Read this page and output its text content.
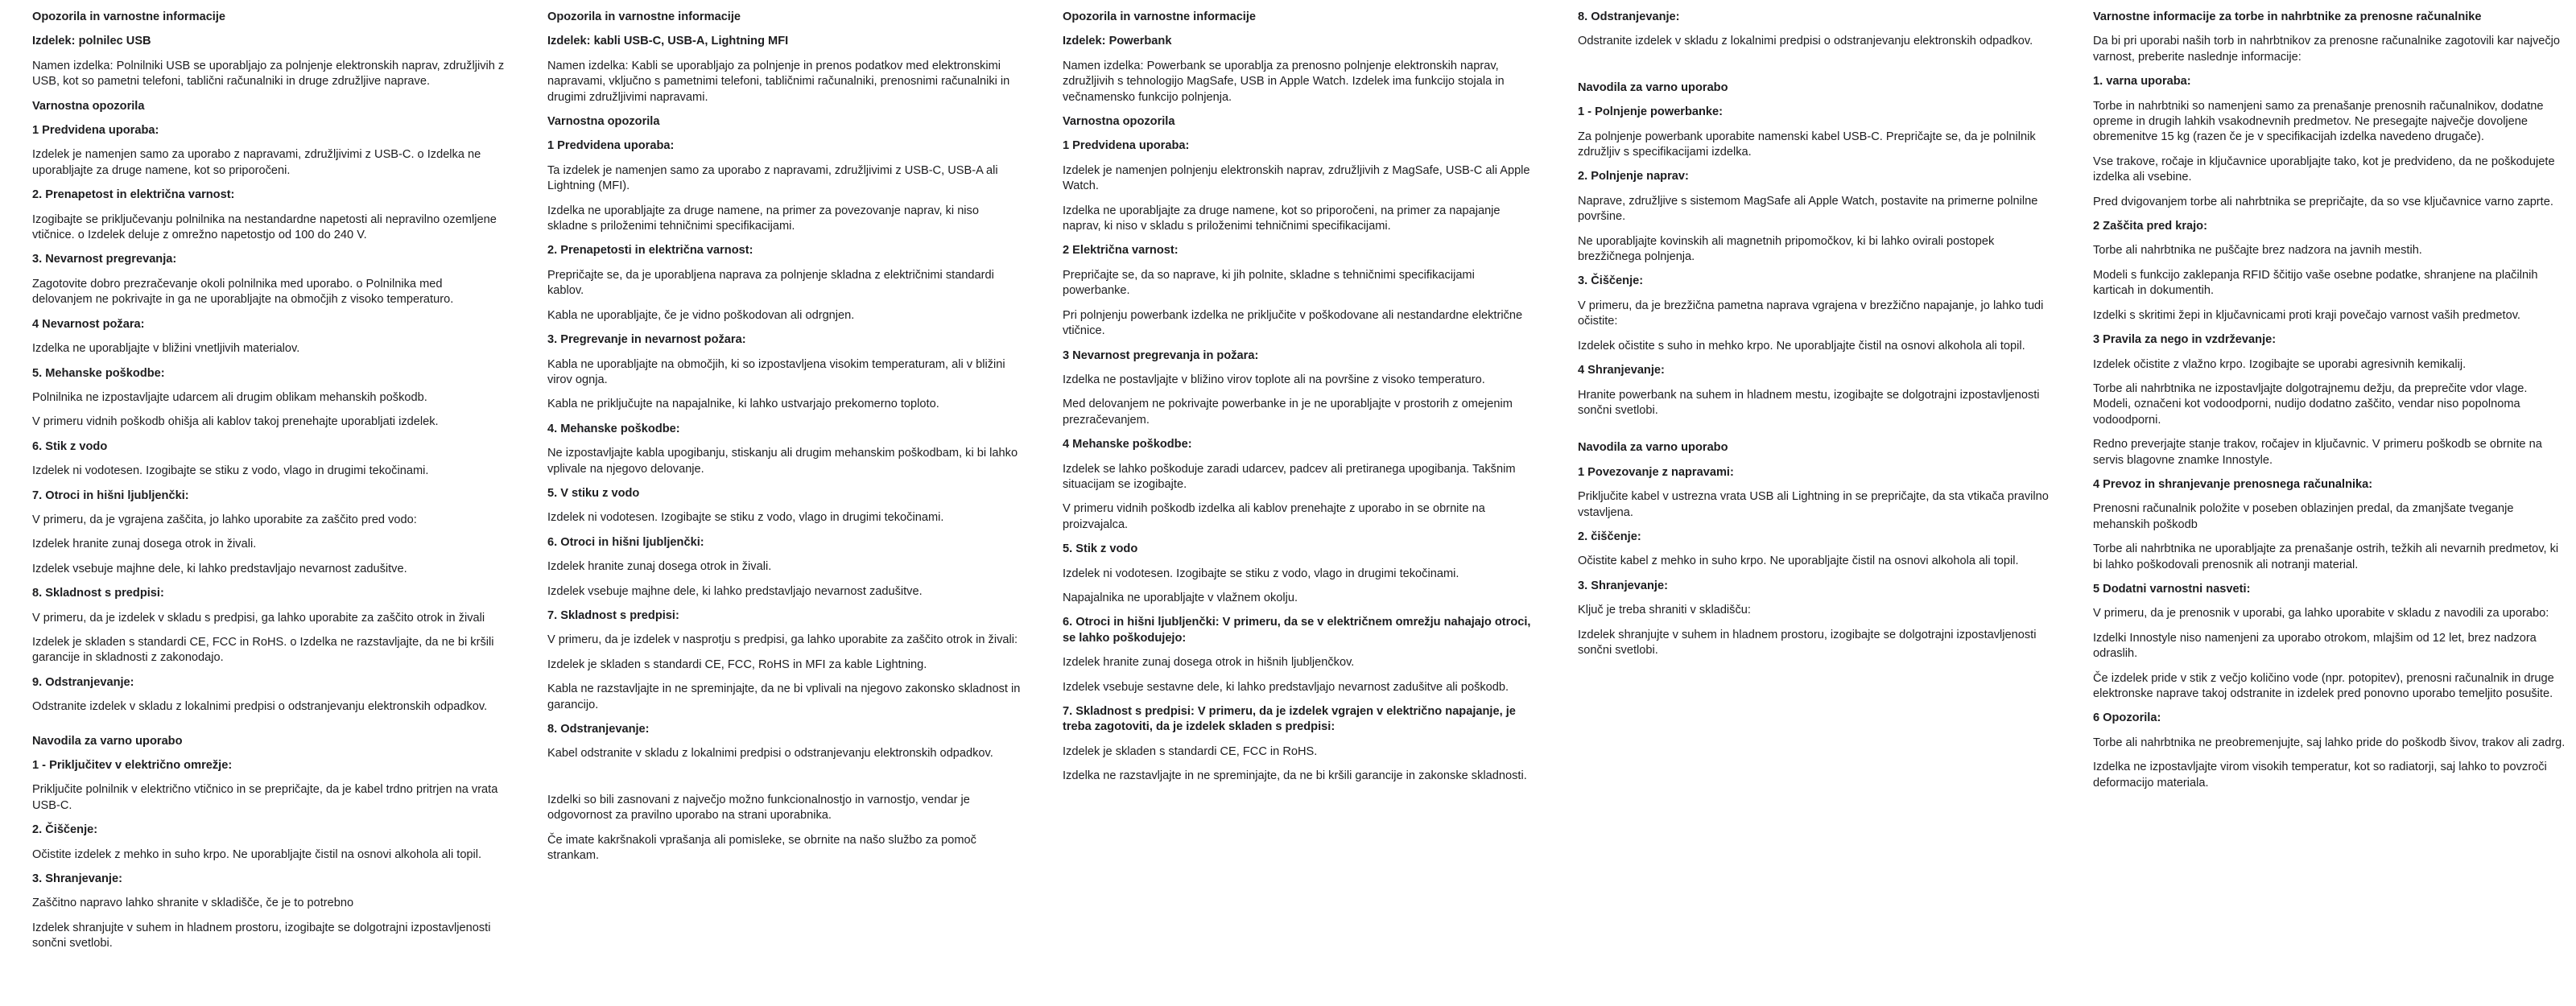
Opozorila in varnostne informacije

Izdelek: polnilec USB

Namen izdelka: Polnilniki USB se uporabljajo za polnjenje elektronskih naprav, združljivih z USB, kot so pametni telefoni, tablični računalniki in druge združljive naprave.

Varnostna opozorila

1 Predvidena uporaba:

Izdelek je namenjen samo za uporabo z napravami, združljivimi z USB-C. o Izdelka ne uporabljajte za druge namene, kot so priporočeni.

2. Prenapetost in električna varnost:

Izogibajte se priključevanju polnilnika na nestandardne napetosti ali nepravilno ozemljene vtičnice. o Izdelek deluje z omrežno napetostjo od 100 do 240 V.

3. Nevarnost pregrevanja:

Zagotovite dobro prezračevanje okoli polnilnika med uporabo. o Polnilnika med delovanjem ne pokrivajte in ga ne uporabljajte na območjih z visoko temperaturo.

4 Nevarnost požara:

Izdelka ne uporabljajte v bližini vnetljivih materialov.

5. Mehanske poškodbe:

Polnilnika ne izpostavljajte udarcem ali drugim oblikam mehanskih poškodb.

V primeru vidnih poškodb ohišja ali kablov takoj prenehajte uporabljati izdelek.

6. Stik z vodo

Izdelek ni vodotesen. Izogibajte se stiku z vodo, vlago in drugimi tekočinami.

7. Otroci in hišni ljubljenčki:

V primeru, da je vgrajena zaščita, jo lahko uporabite za zaščito pred vodo:

Izdelek hranite zunaj dosega otrok in živali.

Izdelek vsebuje majhne dele, ki lahko predstavljajo nevarnost zadušitve.

8. Skladnost s predpisi:

V primeru, da je izdelek v skladu s predpisi, ga lahko uporabite za zaščito otrok in živali

Izdelek je skladen s standardi CE, FCC in RoHS. o Izdelka ne razstavljajte, da ne bi kršili garancije in skladnosti z zakonodajo.

9. Odstranjevanje:

Odstranite izdelek v skladu z lokalnimi predpisi o odstranjevanju elektronskih odpadkov.

Navodila za varno uporabo

1 - Priključitev v električno omrežje:

Priključite polnilnik v električno vtičnico in se prepričajte, da je kabel trdno pritrjen na vrata USB-C.

2. Čiščenje:

Očistite izdelek z mehko in suho krpo. Ne uporabljajte čistil na osnovi alkohola ali topil.

3. Shranjevanje:

Zaščitno napravo lahko shranite v skladišče, če je to potrebno

Izdelek shranjujte v suhem in hladnem prostoru, izogibajte se dolgotrajni izpostavljenosti sončni svetlobi.

Opozorila in varnostne informacije

Izdelek: kabli USB-C, USB-A, Lightning MFI

Namen izdelka: Kabli se uporabljajo za polnjenje in prenos podatkov med elektronskimi napravami, vključno s pametnimi telefoni, tabličnimi računalniki, prenosnimi računalniki in drugimi združljivimi napravami.

Varnostna opozorila

1 Predvidena uporaba:

Ta izdelek je namenjen samo za uporabo z napravami, združljivimi z USB-C, USB-A ali Lightning (MFI).

Izdelka ne uporabljajte za druge namene, na primer za povezovanje naprav, ki niso skladne s priloženimi tehničnimi specifikacijami.

2. Prenapetosti in električna varnost:

Prepričajte se, da je uporabljena naprava za polnjenje skladna z električnimi standardi kablov.

Kabla ne uporabljajte, če je vidno poškodovan ali odrgnjen.

3. Pregrevanje in nevarnost požara:

Kabla ne uporabljajte na območjih, ki so izpostavljena visokim temperaturam, ali v bližini virov ognja.

Kabla ne priključujte na napajalnike, ki lahko ustvarjajo prekomerno toploto.

4. Mehanske poškodbe:

Ne izpostavljajte kabla upogibanju, stiskanju ali drugim mehanskim poškodbam, ki bi lahko vplivale na njegovo delovanje.

5. V stiku z vodo

Izdelek ni vodotesen. Izogibajte se stiku z vodo, vlago in drugimi tekočinami.

6. Otroci in hišni ljubljenčki:

Izdelek hranite zunaj dosega otrok in živali.

Izdelek vsebuje majhne dele, ki lahko predstavljajo nevarnost zadušitve.

7. Skladnost s predpisi:

V primeru, da je izdelek v nasprotju s predpisi, ga lahko uporabite za zaščito otrok in živali:

Izdelek je skladen s standardi CE, FCC, RoHS in MFI za kable Lightning.

Kabla ne razstavljajte in ne spreminjajte, da ne bi vplivali na njegovo zakonsko skladnost in garancijo.

8. Odstranjevanje:

Kabel odstranite v skladu z lokalnimi predpisi o odstranjevanju elektronskih odpadkov.

Izdelki so bili zasnovani z največjo možno funkcionalnostjo in varnostjo, vendar je odgovornost za pravilno uporabo na strani uporabnika.

Če imate kakršnakoli vprašanja ali pomisleke, se obrnite na našo službo za pomoč strankam.

Opozorila in varnostne informacije

Izdelek: Powerbank

Namen izdelka: Powerbank se uporablja za prenosno polnjenje elektronskih naprav, združljivih s tehnologijo MagSafe, USB in Apple Watch. Izdelek ima funkcijo stojala in večnamensko funkcijo polnjenja.

Varnostna opozorila

1 Predvidena uporaba:

Izdelek je namenjen polnjenju elektronskih naprav, združljivih z MagSafe, USB-C ali Apple Watch.

Izdelka ne uporabljajte za druge namene, kot so priporočeni, na primer za napajanje naprav, ki niso v skladu s priloženimi tehničnimi specifikacijami.

2 Električna varnost:

Prepričajte se, da so naprave, ki jih polnite, skladne s tehničnimi specifikacijami powerbanke.

Pri polnjenju powerbank izdelka ne priključite v poškodovane ali nestandardne električne vtičnice.

3 Nevarnost pregrevanja in požara:

Izdelka ne postavljajte v bližino virov toplote ali na površine z visoko temperaturo.

Med delovanjem ne pokrivajte powerbanke in je ne uporabljajte v prostorih z omejenim prezračevanjem.

4 Mehanske poškodbe:

Izdelek se lahko poškoduje zaradi udarcev, padcev ali pretiranega upogibanja. Takšnim situacijam se izogibajte.

V primeru vidnih poškodb izdelka ali kablov prenehajte z uporabo in se obrnite na proizvajalca.

5. Stik z vodo

Izdelek ni vodotesen. Izogibajte se stiku z vodo, vlago in drugimi tekočinami.

Napajalnika ne uporabljajte v vlažnem okolju.

6. Otroci in hišni ljubljenčki: V primeru, da se v električnem omrežju nahajajo otroci, se lahko poškodujejo:

Izdelek hranite zunaj dosega otrok in hišnih ljubljenčkov.

Izdelek vsebuje sestavne dele, ki lahko predstavljajo nevarnost zadušitve ali poškodb.

7. Skladnost s predpisi: V primeru, da je izdelek vgrajen v električno napajanje, je treba zagotoviti, da je izdelek skladen s predpisi:

Izdelek je skladen s standardi CE, FCC in RoHS.

Izdelka ne razstavljajte in ne spreminjajte, da ne bi kršili garancije in zakonske skladnosti.

8. Odstranjevanje:

Odstranite izdelek v skladu z lokalnimi predpisi o odstranjevanju elektronskih odpadkov.

Navodila za varno uporabo

1 - Polnjenje powerbanke:

Za polnjenje powerbank uporabite namenski kabel USB-C. Prepričajte se, da je polnilnik združljiv s specifikacijami izdelka.

2. Polnjenje naprav:

Naprave, združljive s sistemom MagSafe ali Apple Watch, postavite na primerne polnilne površine.

Ne uporabljajte kovinskih ali magnetnih pripomočkov, ki bi lahko ovirali postopek brezžičnega polnjenja.

3. Čiščenje:

V primeru, da je brezžična pametna naprava vgrajena v brezžično napajanje, jo lahko tudi očistite:

Izdelek očistite s suho in mehko krpo. Ne uporabljajte čistil na osnovi alkohola ali topil.

4 Shranjevanje:

Hranite powerbank na suhem in hladnem mestu, izogibajte se dolgotrajni izpostavljenosti sončni svetlobi.

Navodila za varno uporabo

1 Povezovanje z napravami:

Priključite kabel v ustrezna vrata USB ali Lightning in se prepričajte, da sta vtikača pravilno vstavljena.

2. čiščenje:

Očistite kabel z mehko in suho krpo. Ne uporabljajte čistil na osnovi alkohola ali topil.

3. Shranjevanje:

Ključ je treba shraniti v skladišču:

Izdelek shranjujte v suhem in hladnem prostoru, izogibajte se dolgotrajni izpostavljenosti sončni svetlobi.

Varnostne informacije za torbe in nahrbtnike za prenosne računalnike

Da bi pri uporabi naših torb in nahrbtnikov za prenosne računalnike zagotovili kar največjo varnost, preberite naslednje informacije:

1. varna uporaba:

Torbe in nahrbtniki so namenjeni samo za prenašanje prenosnih računalnikov, dodatne opreme in drugih lahkih vsakodnevnih predmetov. Ne presegajte največje dovoljene obremenitve 15 kg (razen če je v specifikacijah izdelka navedeno drugače).

Vse trakove, ročaje in ključavnice uporabljajte tako, kot je predvideno, da ne poškodujete izdelka ali vsebine.

Pred dvigovanjem torbe ali nahrbtnika se prepričajte, da so vse ključavnice varno zaprte.

2 Zaščita pred krajo:

Torbe ali nahrbtnika ne puščajte brez nadzora na javnih mestih.

Modeli s funkcijo zaklepanja RFID ščitijo vaše osebne podatke, shranjene na plačilnih karticah in dokumentih.

Izdelki s skritimi žepi in ključavnicami proti kraji povečajo varnost vaših predmetov.

3 Pravila za nego in vzdrževanje:

Izdelek očistite z vlažno krpo. Izogibajte se uporabi agresivnih kemikalij.

Torbe ali nahrbtnika ne izpostavljajte dolgotrajnemu dežju, da preprečite vdor vlage. Modeli, označeni kot vodoodporni, nudijo dodatno zaščito, vendar niso popolnoma vodoodporni.

Redno preverjajte stanje trakov, ročajev in ključavnic. V primeru poškodb se obrnite na servis blagovne znamke Innostyle.

4 Prevoz in shranjevanje prenosnega računalnika:

Prenosni računalnik položite v poseben oblazinjen predal, da zmanjšate tveganje mehanskih poškodb

Torbe ali nahrbtnika ne uporabljajte za prenašanje ostrih, težkih ali nevarnih predmetov, ki bi lahko poškodovali prenosnik ali notranji material.

5 Dodatni varnostni nasveti:

V primeru, da je prenosnik v uporabi, ga lahko uporabite v skladu z navodili za uporabo:

Izdelki Innostyle niso namenjeni za uporabo otrokom, mlajšim od 12 let, brez nadzora odraslih.

Če izdelek pride v stik z večjo količino vode (npr. potopitev), prenosni računalnik in druge elektronske naprave takoj odstranite in izdelek pred ponovno uporabo temeljito posušite.

6 Opozorila:

Torbe ali nahrbtnika ne preobremenjujte, saj lahko pride do poškodb šivov, trakov ali zadrg.

Izdelka ne izpostavljajte virom visokih temperatur, kot so radiatorji, saj lahko to povzroči deformacijo materiala.
